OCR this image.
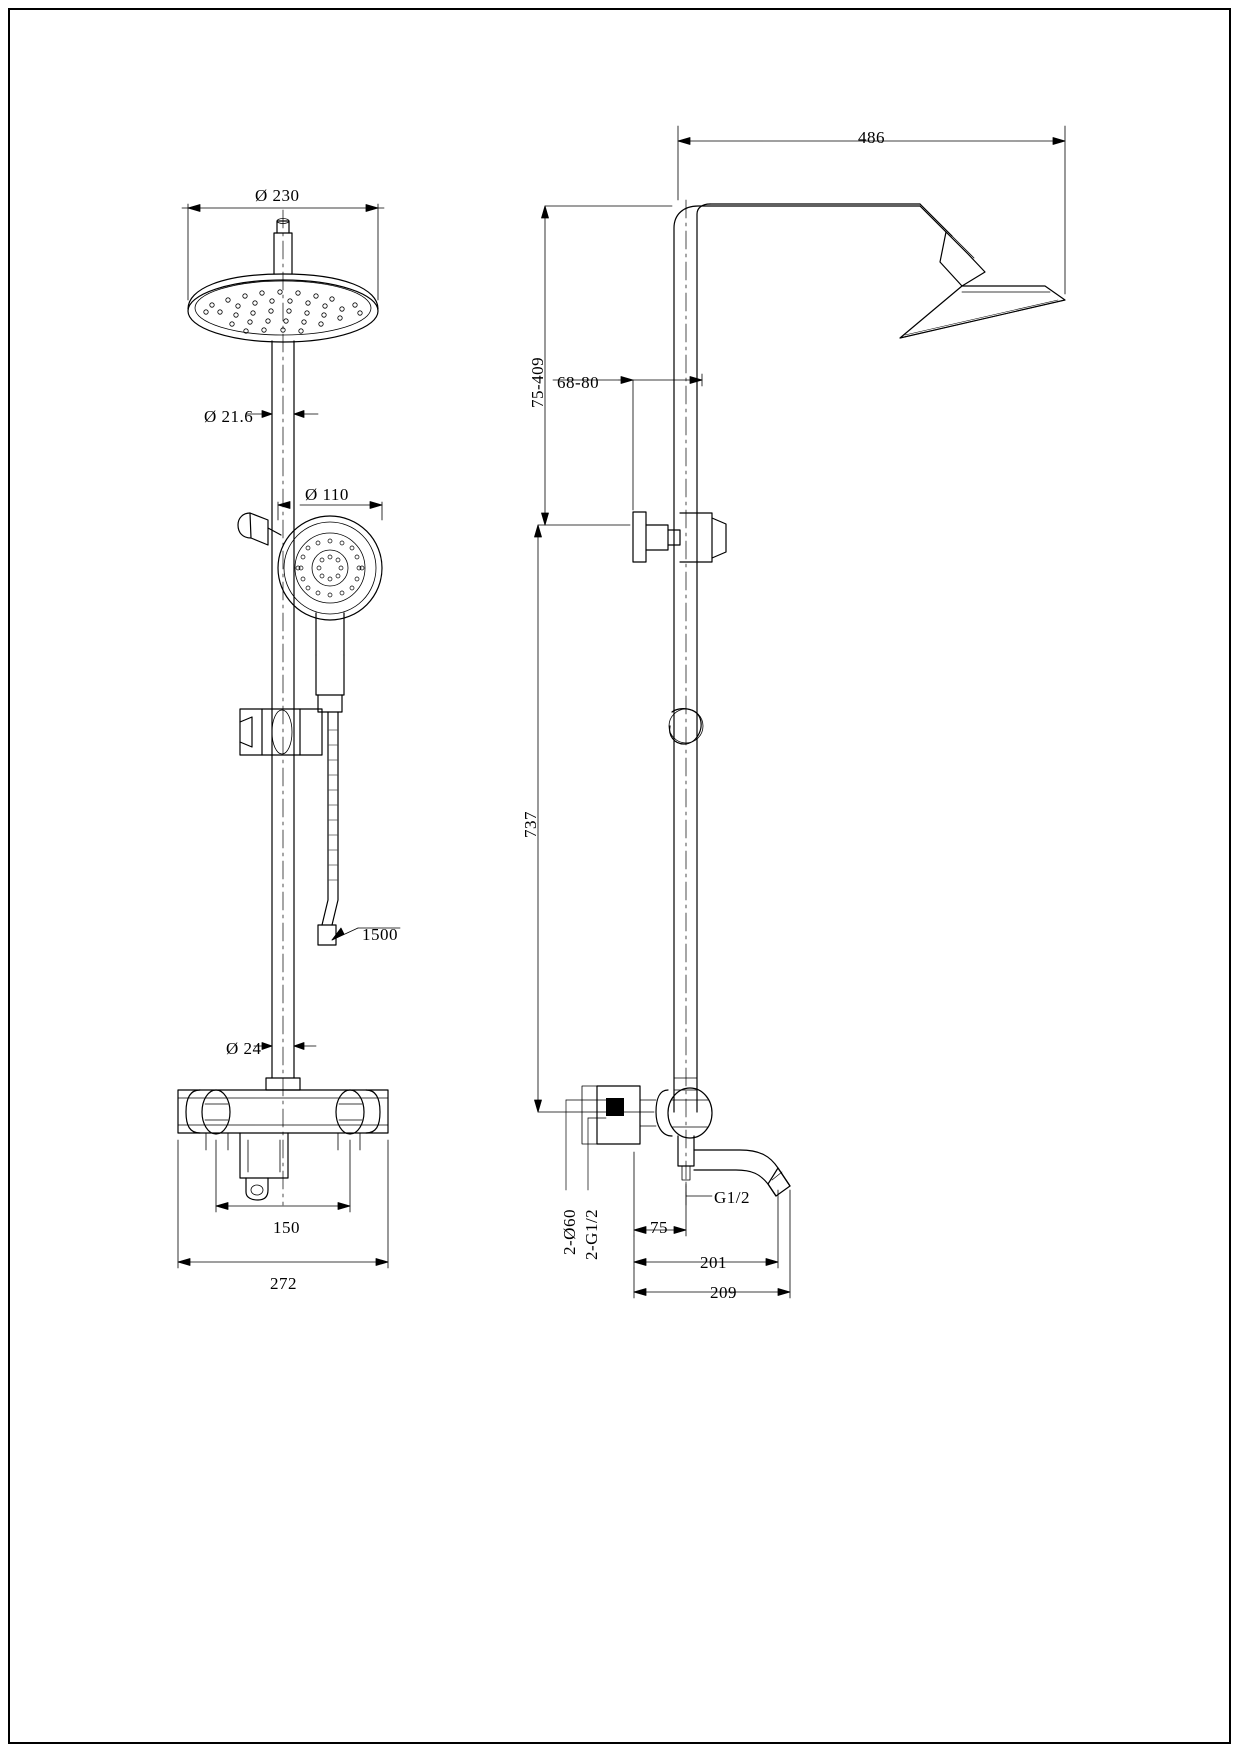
Ø 230
Ø 21.6
Ø 110
1500
Ø 24
150
272
486
75-409 68-80
737
2-Ø60 2-G1/2
G1/2
75
201
209
